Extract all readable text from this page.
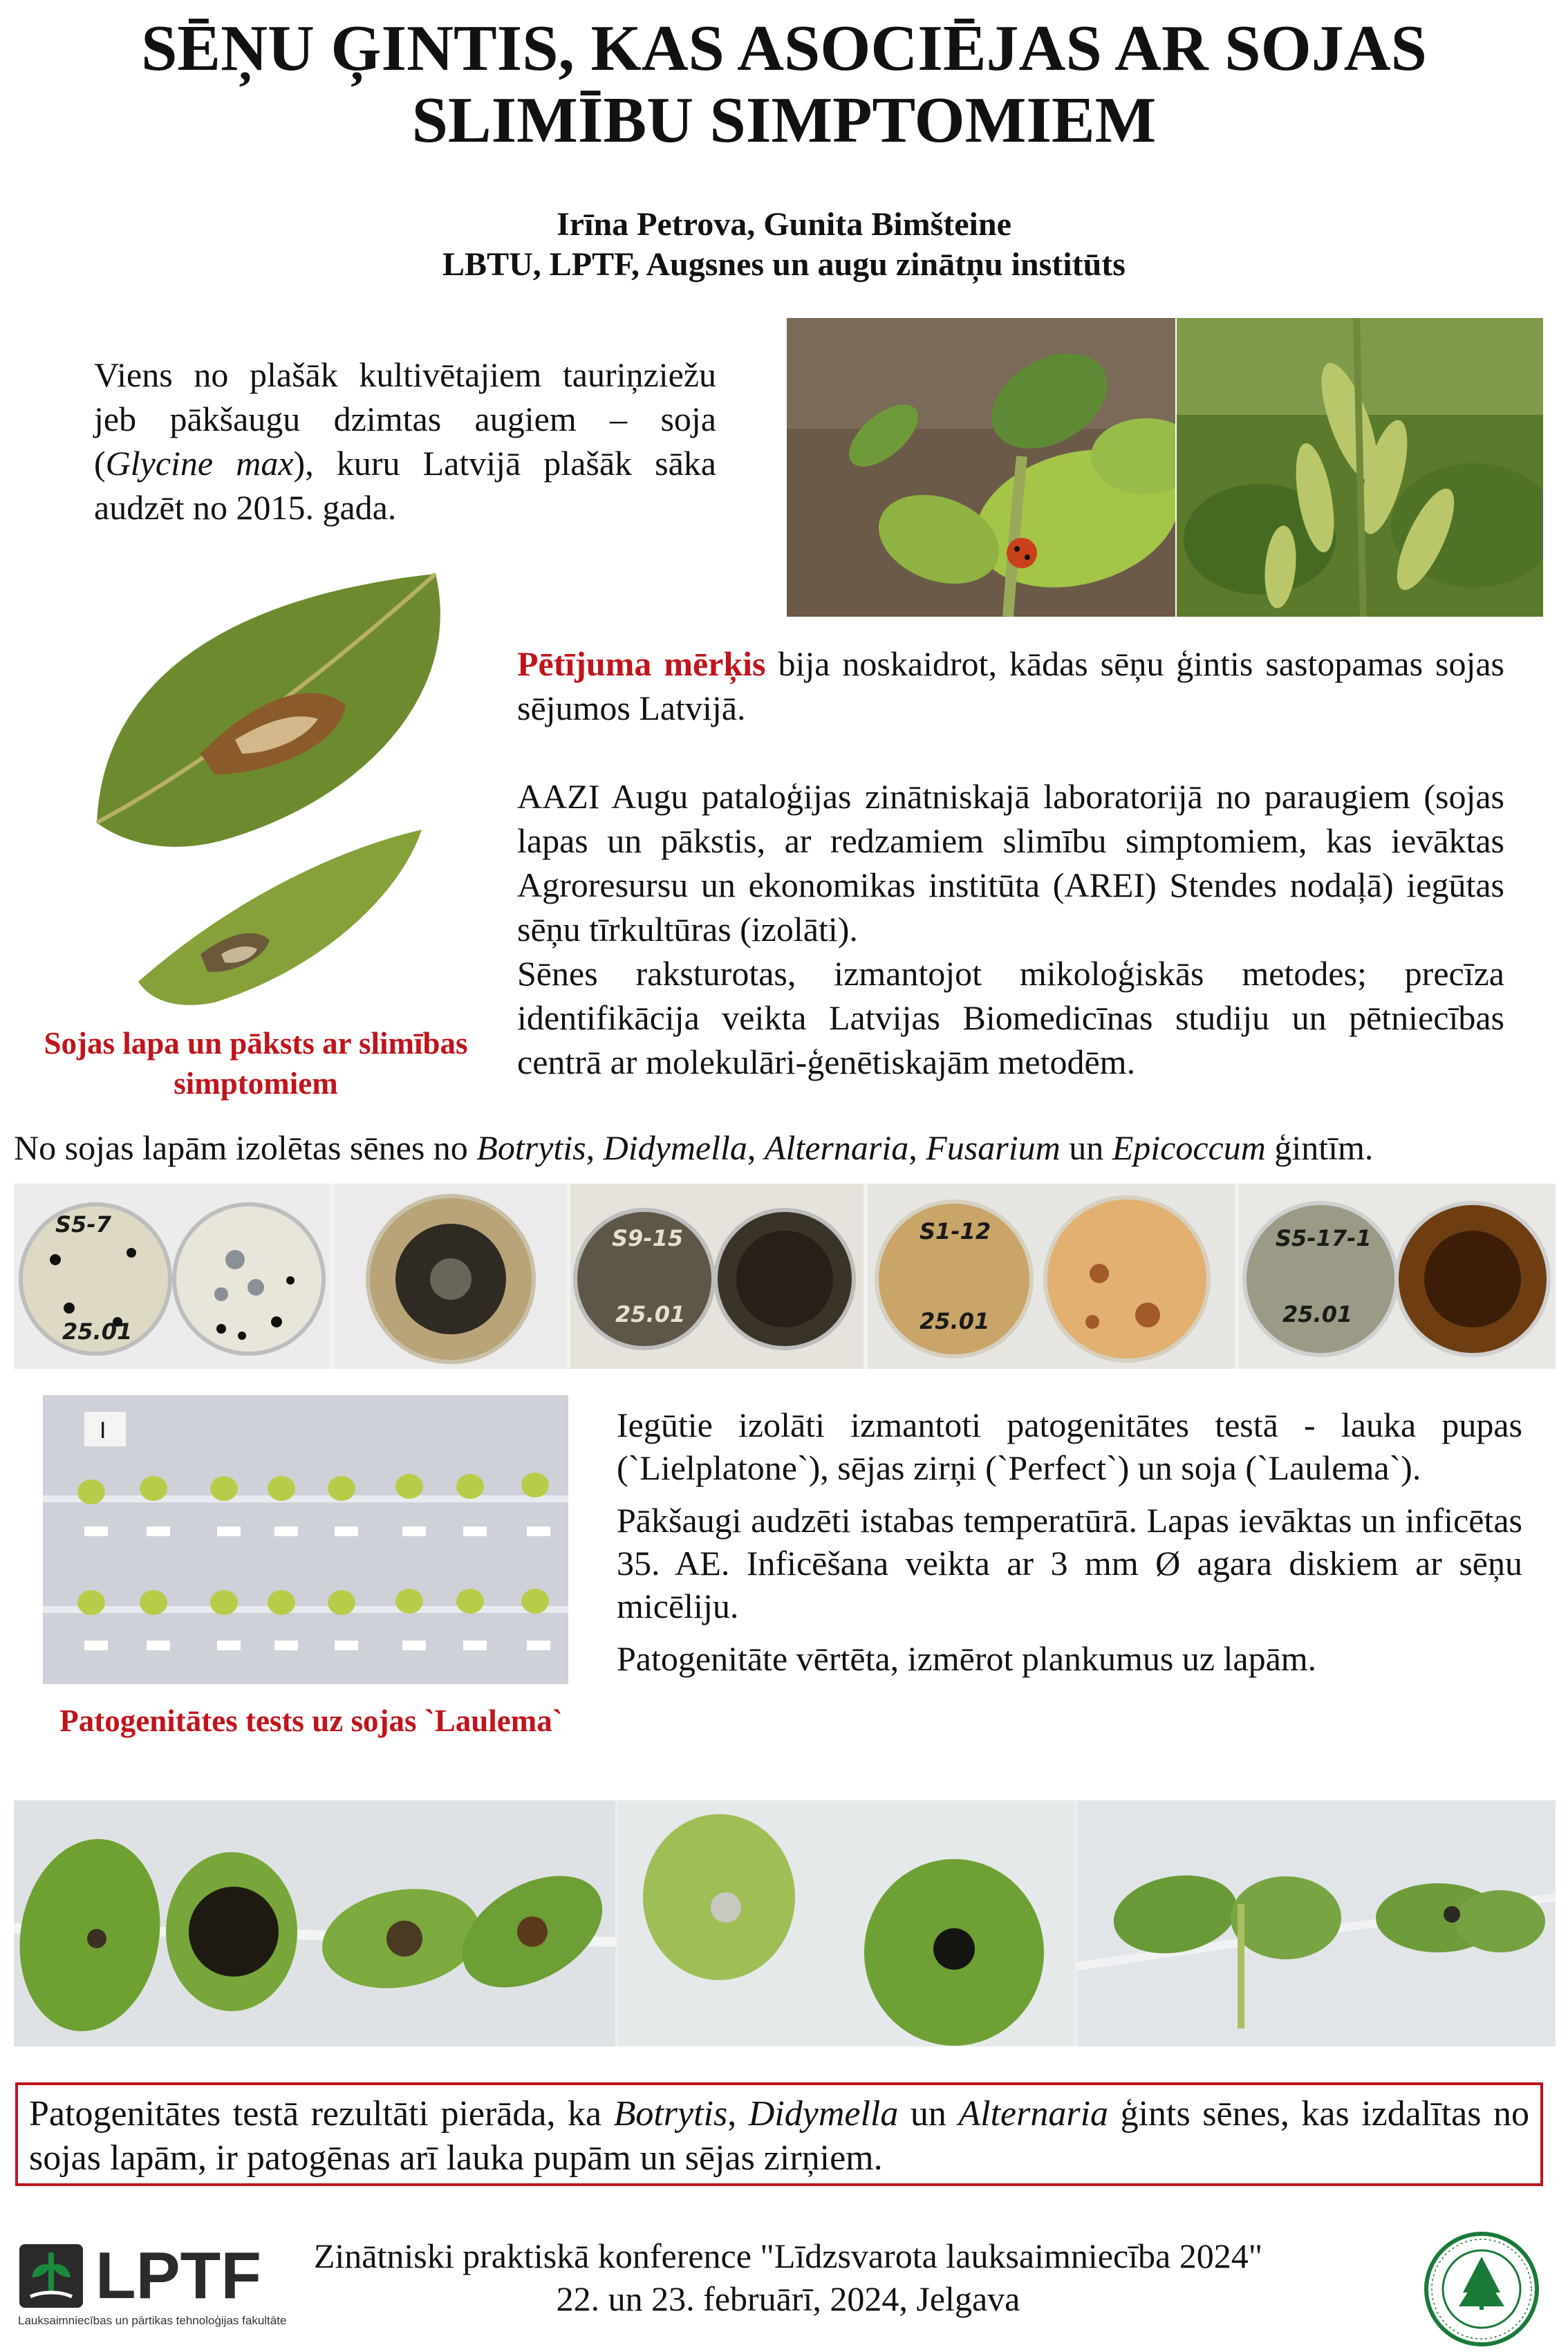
SĒŅU ĢINTIS, KAS ASOCIĒJAS AR SOJAS
SLIMĪBU SIMPTOMIEM
Irīna Petrova, Gunita Bimšteine
LBTU, LPTF, Augsnes un augu zinātņu institūts
Viens no plašāk kultivētajiem tauriņziežu jeb pākšaugu dzimtas augiem – soja (Glycine max), kuru Latvijā plašāk sāka audzēt no 2015. gada.
Sojas lapa un pāksts ar slimības simptomiem
Pētījuma mērķis bija noskaidrot, kādas sēņu ģintis sastopamas sojas sējumos Latvijā.
AAZI Augu pataloģijas zinātniskajā laboratorijā no paraugiem (sojas lapas un pākstis, ar redzamiem slimību simptomiem, kas ievāktas Agroresursu un ekonomikas institūta (AREI) Stendes nodaļā) iegūtas sēņu tīrkultūras (izolāti).
Sēnes raksturotas, izmantojot mikoloģiskās metodes; precīza identifikācija veikta Latvijas Biomedicīnas studiju un pētniecības centrā ar molekulāri-ģenētiskajām metodēm.
No sojas lapām izolētas sēnes no Botrytis, Didymella, Alternaria, Fusarium un Epicoccum ģintīm.
S5-7
25.01
S9-15
25.01
S1-12
25.01
S5-17-1
25.01
I
Patogenitātes tests uz sojas `Laulema`
Iegūtie izolāti izmantoti patogenitātes testā - lauka pupas (`Lielplatone`), sējas zirņi (`Perfect`) un soja (`Laulema`).
Pākšaugi audzēti istabas temperatūrā. Lapas ievāktas un inficētas 35. AE. Inficēšana veikta ar 3 mm Ø agara diskiem ar sēņu micēliju.
Patogenitāte vērtēta, izmērot plankumus uz lapām.
Patogenitātes testā rezultāti pierāda, ka Botrytis, Didymella un Alternaria ģints sēnes, kas izdalītas no sojas lapām, ir patogēnas arī lauka pupām un sējas zirņiem.
LPTF
Lauksaimniecības un pārtikas tehnoloģijas fakultāte
Zinātniski praktiskā konference "Līdzsvarota lauksaimniecība 2024"
22. un 23. februārī, 2024, Jelgava
